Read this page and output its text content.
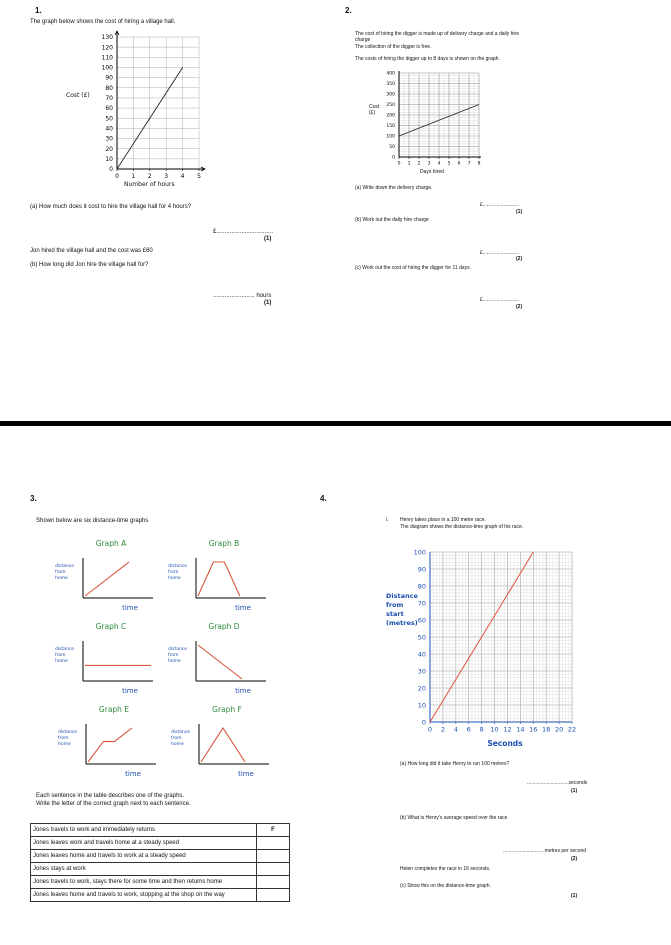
1.
The graph below shows the cost of hiring a village hall.
0 1 2 3 4 5
0
10
20
30
40
50
60
70
80
90
100
110
120
130
Cost (£)
Number of hours
(a) How much does it cost to hire the village hall for 4 hours?
£..................................
(1)
Jon hired the village hall and the cost was £60
(b) How long did Jon hire the village hall for?
......................... hours
(1)
2.
The cost of hiring the digger is made up of delivery charge and a daily hire
charge
The collection of the digger is free.
The costs of hiring the digger up to 8 days is shown on the graph.
0 1 2 3 4 5 6 7 8
0
50
100
150
200
250
300
350
400
Cost
(£)
Days hired
(a) Write down the delivery charge.
£..........................
(1)
(b) Work out the daily hire charge
£..........................
(2)
(c) Work out the cost of hiring the digger for 11 days.
£..........................
(2)
3.
Shown below are six distance-time graphs
Graph A
distance
from
home
time
Graph B
distance
from
home
time
Graph C
distance
from
home
time
Graph D
distance
from
home
time
Graph E
distance
from
home
time
Graph F
distance
from
home
time
Each sentence in the table describes one of the graphs.
Write the letter of the correct graph next to each sentence.
Jones travels to work and immediately returns	F
Jones leaves work and travels home at a steady speed	
Jones leaves home and travels to work at a steady speed	
Jones stays at work	
Jones travels to work, stays there for some time and then returns home	
Jones leaves home and travels to work, stopping at the shop on the way	
4.
i. Henry takes place in a 100 metre race.
The diagram shows the distance-time graph of his race.
0 2 4 6 8 10 12 14 16 18 20 22
0
10
20
30
40
50
60
70
80
90
100
Seconds
Distance
from
start
(metres)
(a) How long did it take Henry to run 100 metres?
..............................seconds
(1)
(b) What is Henry's average speed over the race
..............................metres per second
(2)
Helen completes the race in 16 seconds.
(c) Show this on the distance-time graph.
(1)
